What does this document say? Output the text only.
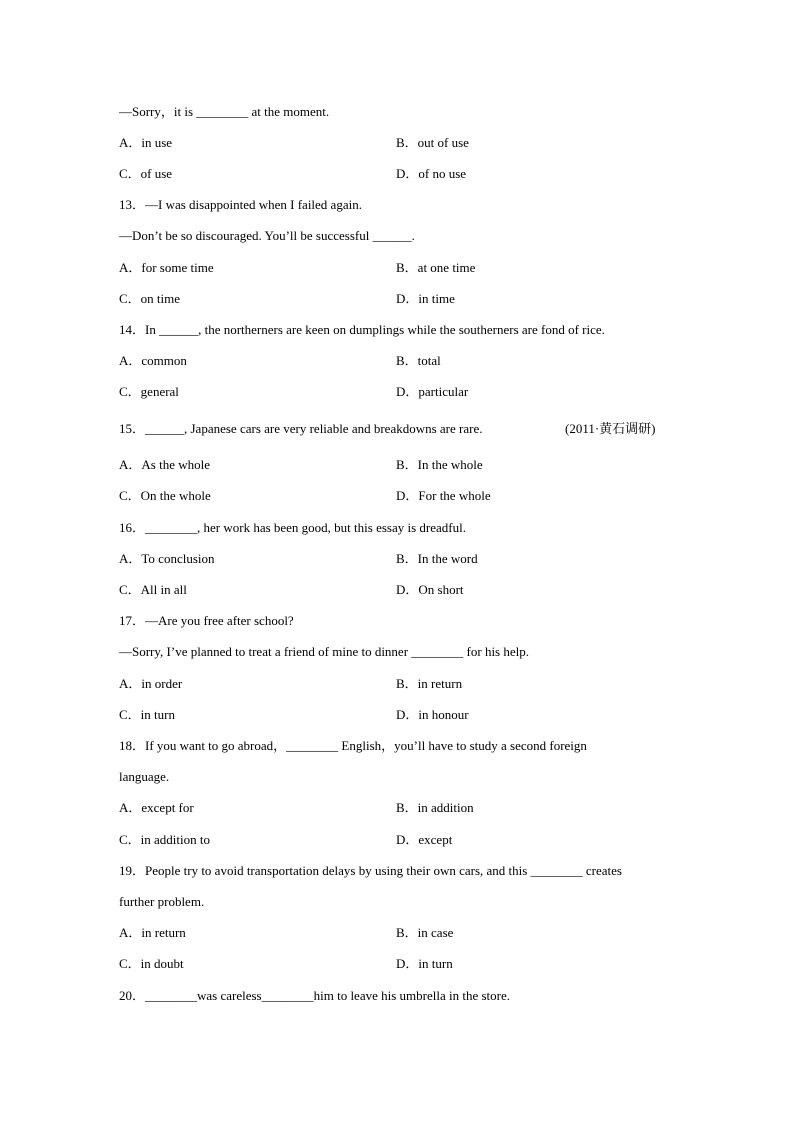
—Sorry，it is ________ at the moment.
A．in use	B．out of use
C．of use	D．of no use
13．—I was disappointed when I failed again.
—Don’t be so discouraged. You’ll be successful ______.
A．for some time	B．at one time
C．on time	D．in time
14．In ______, the northerners are keen on dumplings while the southerners are fond of rice.
A．common	B．total
C．general	D．particular
15．______, Japanese cars are very reliable and breakdowns are rare.	(2011·黄石调研)
A．As the whole	B．In the whole
C．On the whole	D．For the whole
16．________, her work has been good, but this essay is dreadful.
A．To conclusion	B．In the word
C．All in all	D．On short
17．—Are you free after school?
—Sorry, I’ve planned to treat a friend of mine to dinner ________ for his help.
A．in order	B．in return
C．in turn	D．in honour
18．If you want to go abroad，________ English，you’ll have to study a second foreign
language.
A．except for	B．in addition
C．in addition to	D．except
19．People try to avoid transportation delays by using their own cars, and this ________ creates
further problem.
A．in return	B．in case
C．in doubt	D．in turn
20．________was careless________him to leave his umbrella in the store.
